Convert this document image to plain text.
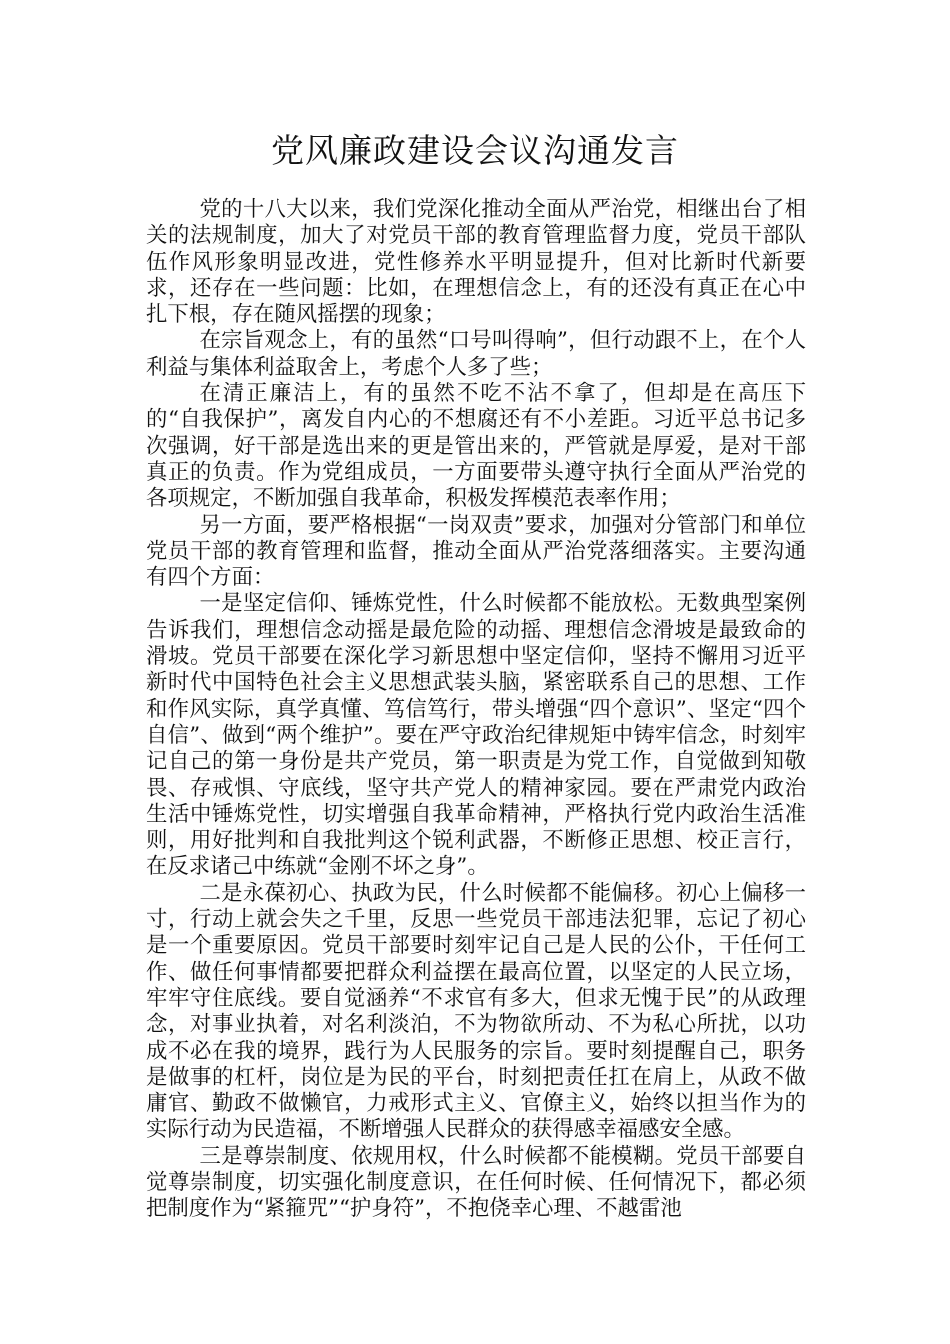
党风廉政建设会议沟通发言

党的十八大以来，我们党深化推动全面从严治党，相继出台了相关的法规制度，加大了对党员干部的教育管理监督力度，党员干部队伍作风形象明显改进，党性修养水平明显提升，但对比新时代新要求，还存在一些问题：比如，在理想信念上，有的还没有真正在心中扎下根，存在随风摇摆的现象；

在宗旨观念上，有的虽然“口号叫得响”，但行动跟不上，在个人利益与集体利益取舍上，考虑个人多了些；

在清正廉洁上，有的虽然不吃不沾不拿了，但却是在高压下的“自我保护”，离发自内心的不想腐还有不小差距。习近平总书记多次强调，好干部是选出来的更是管出来的，严管就是厚爱，是对干部真正的负责。作为党组成员，一方面要带头遵守执行全面从严治党的各项规定，不断加强自我革命，积极发挥模范表率作用；

另一方面，要严格根据“一岗双责”要求，加强对分管部门和单位党员干部的教育管理和监督，推动全面从严治党落细落实。主要沟通有四个方面：

一是坚定信仰、锤炼党性，什么时候都不能放松。无数典型案例告诉我们，理想信念动摇是最危险的动摇、理想信念滑坡是最致命的滑坡。党员干部要在深化学习新思想中坚定信仰，坚持不懈用习近平新时代中国特色社会主义思想武装头脑，紧密联系自己的思想、工作和作风实际，真学真懂、笃信笃行，带头增强“四个意识”、坚定“四个自信”、做到“两个维护”。要在严守政治纪律规矩中铸牢信念，时刻牢记自己的第一身份是共产党员，第一职责是为党工作，自觉做到知敬畏、存戒惧、守底线，坚守共产党人的精神家园。要在严肃党内政治生活中锤炼党性，切实增强自我革命精神，严格执行党内政治生活准则，用好批判和自我批判这个锐利武器，不断修正思想、校正言行，在反求诸己中练就“金刚不坏之身”。

二是永葆初心、执政为民，什么时候都不能偏移。初心上偏移一寸，行动上就会失之千里，反思一些党员干部违法犯罪，忘记了初心是一个重要原因。党员干部要时刻牢记自己是人民的公仆，干任何工作、做任何事情都要把群众利益摆在最高位置，以坚定的人民立场，牢牢守住底线。要自觉涵养“不求官有多大，但求无愧于民”的从政理念，对事业执着，对名利淡泊，不为物欲所动、不为私心所扰，以功成不必在我的境界，践行为人民服务的宗旨。要时刻提醒自己，职务是做事的杠杆，岗位是为民的平台，时刻把责任扛在肩上，从政不做庸官、勤政不做懒官，力戒形式主义、官僚主义，始终以担当作为的实际行动为民造福，不断增强人民群众的获得感幸福感安全感。

三是尊崇制度、依规用权，什么时候都不能模糊。党员干部要自觉尊崇制度，切实强化制度意识，在任何时候、任何情况下，都必须把制度作为“紧箍咒”“护身符”，不抱侥幸心理、不越雷池
